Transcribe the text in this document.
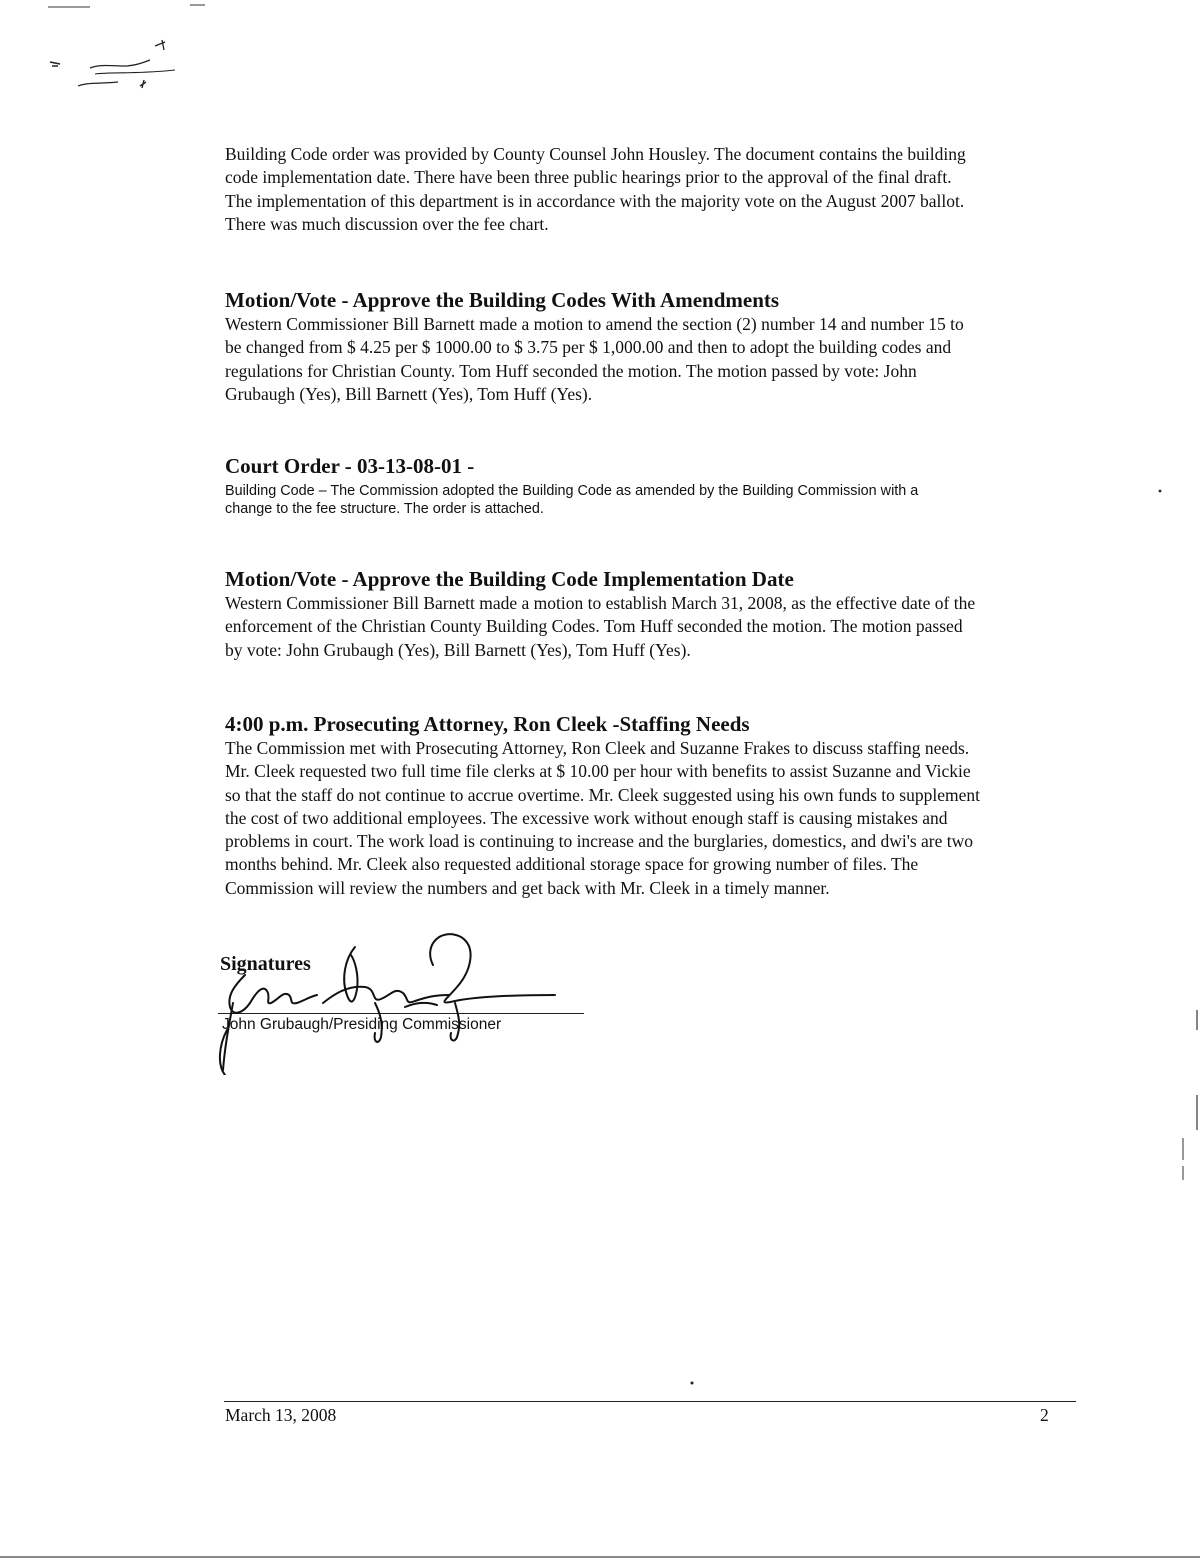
Building Code order was provided by County Counsel John Housley. The document contains the building
code implementation date. There have been three public hearings prior to the approval of the final draft.
The implementation of this department is in accordance with the majority vote on the August 2007 ballot.
There was much discussion over the fee chart.

Motion/Vote - Approve the Building Codes With Amendments

Western Commissioner Bill Barnett made a motion to amend the section (2) number 14 and number 15 to
be changed from $ 4.25 per $ 1000.00 to $ 3.75 per $ 1,000.00 and then to adopt the building codes and
regulations for Christian County. Tom Huff seconded the motion. The motion passed by vote: John
Grubaugh (Yes), Bill Barnett (Yes), Tom Huff (Yes).

Court Order - 03-13-08-01 -

Building Code – The Commission adopted the Building Code as amended by the Building Commission with a
change to the fee structure. The order is attached.

Motion/Vote - Approve the Building Code Implementation Date

Western Commissioner Bill Barnett made a motion to establish March 31, 2008, as the effective date of the
enforcement of the Christian County Building Codes. Tom Huff seconded the motion. The motion passed
by vote: John Grubaugh (Yes), Bill Barnett (Yes), Tom Huff (Yes).

4:00 p.m. Prosecuting Attorney, Ron Cleek -Staffing Needs

The Commission met with Prosecuting Attorney, Ron Cleek and Suzanne Frakes to discuss staffing needs.
Mr. Cleek requested two full time file clerks at $ 10.00 per hour with benefits to assist Suzanne and Vickie
so that the staff do not continue to accrue overtime. Mr. Cleek suggested using his own funds to supplement
the cost of two additional employees. The excessive work without enough staff is causing mistakes and
problems in court. The work load is continuing to increase and the burglaries, domestics, and dwi's are two
months behind. Mr. Cleek also requested additional storage space for growing number of files. The
Commission will review the numbers and get back with Mr. Cleek in a timely manner.

Signatures

John Grubaugh/Presiding Commissioner

March 13, 2008	2
